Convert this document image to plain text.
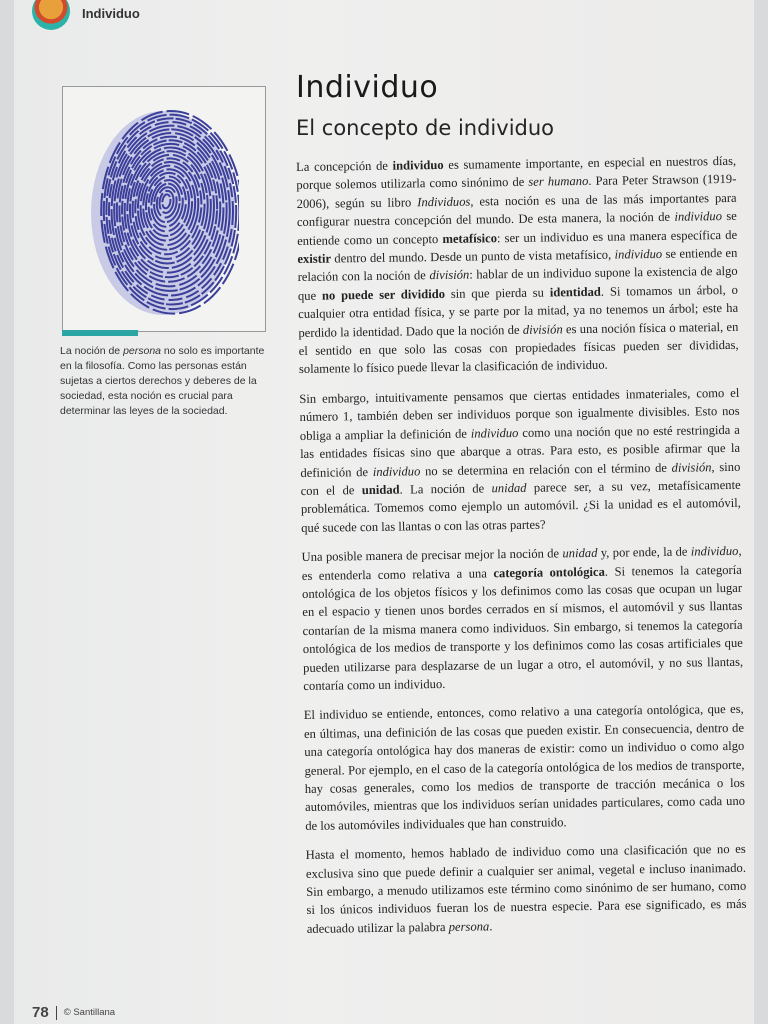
Individuo
La noción de persona no solo es importante en la filosofía. Como las personas están sujetas a ciertos derechos y deberes de la sociedad, esta noción es crucial para determinar las leyes de la sociedad.
Individuo
El concepto de individuo

La concepción de individuo es sumamente importante, en especial en nuestros días, porque solemos utilizarla como sinónimo de ser humano. Para Peter Strawson (1919-2006), según su libro Individuos, esta noción es una de las más importantes para configurar nuestra concepción del mundo. De esta manera, la noción de individuo se entiende como un concepto metafísico: ser un individuo es una manera específica de existir dentro del mundo. Desde un punto de vista metafísico, individuo se entiende en relación con la noción de división: hablar de un individuo supone la existencia de algo que no puede ser dividido sin que pierda su identidad. Si tomamos un árbol, o cualquier otra entidad física, y se parte por la mitad, ya no tenemos un árbol; este ha perdido la identidad. Dado que la noción de división es una noción física o material, en el sentido en que solo las cosas con propiedades físicas pueden ser divididas, solamente lo físico puede llevar la clasificación de individuo.

Sin embargo, intuitivamente pensamos que ciertas entidades inmateriales, como el número 1, también deben ser individuos porque son igualmente divisibles. Esto nos obliga a ampliar la definición de individuo como una noción que no esté restringida a las entidades físicas sino que abarque a otras. Para esto, es posible afirmar que la definición de individuo no se determina en relación con el término de división, sino con el de unidad. La noción de unidad parece ser, a su vez, metafísicamente problemática. Tomemos como ejemplo un automóvil. ¿Si la unidad es el automóvil, qué sucede con las llantas o con las otras partes?

Una posible manera de precisar mejor la noción de unidad y, por ende, la de individuo, es entenderla como relativa a una categoría ontológica. Si tenemos la categoría ontológica de los objetos físicos y los definimos como las cosas que ocupan un lugar en el espacio y tienen unos bordes cerrados en sí mismos, el automóvil y sus llantas contarían de la misma manera como individuos. Sin embargo, si tenemos la categoría ontológica de los medios de transporte y los definimos como las cosas artificiales que pueden utilizarse para desplazarse de un lugar a otro, el automóvil, y no sus llantas, contaría como un individuo.

El individuo se entiende, entonces, como relativo a una categoría ontológica, que es, en últimas, una definición de las cosas que pueden existir. En consecuencia, dentro de una categoría ontológica hay dos maneras de existir: como un individuo o como algo general. Por ejemplo, en el caso de la categoría ontológica de los medios de transporte, hay cosas generales, como los medios de transporte de tracción mecánica o los automóviles, mientras que los individuos serían unidades particulares, como cada uno de los automóviles individuales que han construido.

Hasta el momento, hemos hablado de individuo como una clasificación que no es exclusiva sino que puede definir a cualquier ser animal, vegetal e incluso inanimado. Sin embargo, a menudo utilizamos este término como sinónimo de ser humano, como si los únicos individuos fueran los de nuestra especie. Para ese significado, es más adecuado utilizar la palabra persona.

78 © Santillana
